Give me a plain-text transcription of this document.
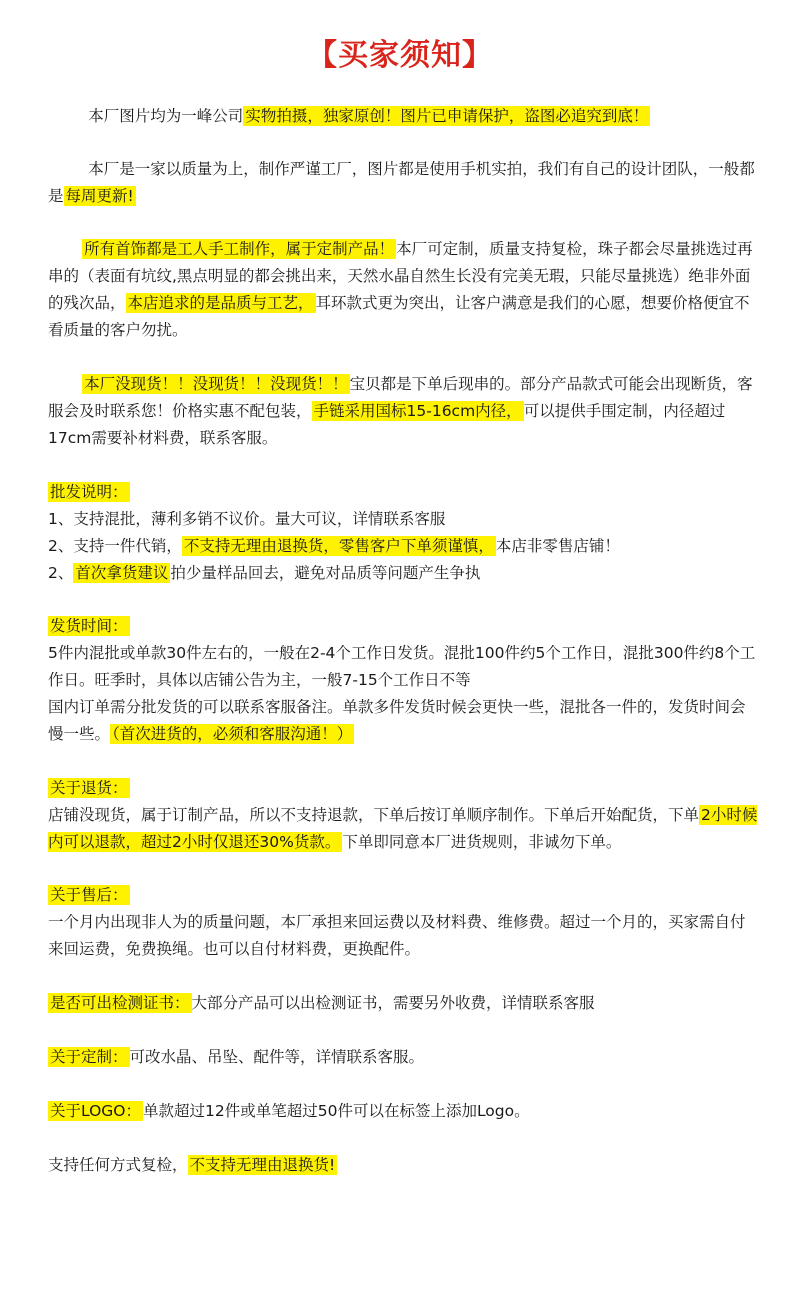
【买家须知】

本厂图片均为一峰公司 实物拍摄，独家原创！图片已申请保护，盗图必追究到底！

本厂是一家以质量为上，制作严谨工厂，图片都是使用手机实拍，我们有自己的设计团队，一般都是 每周更新!

所有首饰都是工人手工制作，属于定制产品！ 本厂可定制，质量支持复检，珠子都会尽量挑选过再串的（表面有坑纹,黑点明显的都会挑出来，天然水晶自然生长没有完美无瑕，只能尽量挑选）绝非外面的残次品， 本店追求的是品质与工艺， 耳环款式更为突出，让客户满意是我们的心愿，想要价格便宜不看质量的客户勿扰。

本厂没现货！！没现货！！没现货！！ 宝贝都是下单后现串的。部分产品款式可能会出现断货，客服会及时联系您！价格实惠不配包装， 手链采用国标15-16cm内径， 可以提供手围定制，内径超过17cm需要补材料费，联系客服。

批发说明：
1、支持混批，薄利多销不议价。量大可议，详情联系客服
2、支持一件代销， 不支持无理由退换货，零售客户下单须谨慎， 本店非零售店铺！
2、 首次拿货建议 拍少量样品回去，避免对品质等问题产生争执
发货时间：
5件内混批或单款30件左右的，一般在2-4个工作日发货。混批100件约5个工作日，混批300件约8个工作日。旺季时，具体以店铺公告为主，一般7-15个工作日不等
国内订单需分批发货的可以联系客服备注。单款多件发货时候会更快一些，混批各一件的，发货时间会慢一些。 （首次进货的，必须和客服沟通！）
关于退货：
店铺没现货，属于订制产品，所以不支持退款，下单后按订单顺序制作。下单后开始配货，下单 2小时候内可以退款，超过2小时仅退还30%货款。 下单即同意本厂进货规则，非诚勿下单。
关于售后：
一个月内出现非人为的质量问题，本厂承担来回运费以及材料费、维修费。超过一个月的，买家需自付来回运费，免费换绳。也可以自付材料费，更换配件。
是否可出检测证书： 大部分产品可以出检测证书，需要另外收费，详情联系客服
关于定制： 可改水晶、吊坠、配件等，详情联系客服。
关于LOGO： 单款超过12件或单笔超过50件可以在标签上添加Logo。
支持任何方式复检， 不支持无理由退换货!
